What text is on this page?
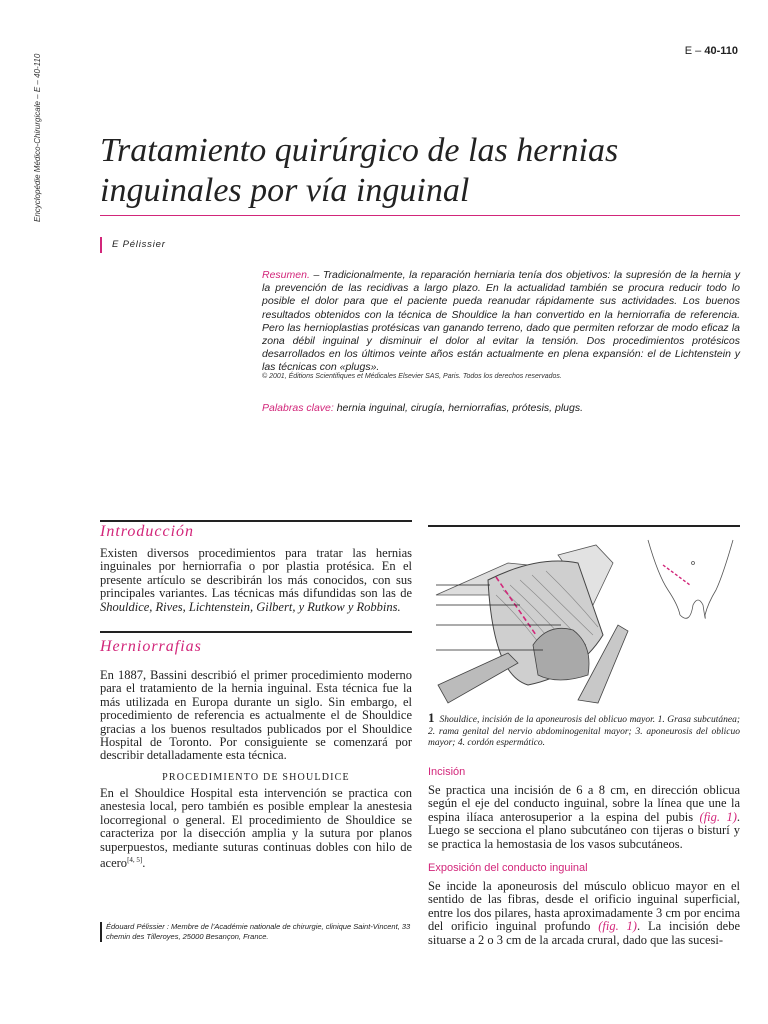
Encyclopédie Médico-Chirurgicale – E – 40-110
E – 40-110
Tratamiento quirúrgico de las hernias inguinales por vía inguinal
E Pélissier
Resumen. – Tradicionalmente, la reparación herniaria tenía dos objetivos: la supresión de la hernia y la prevención de las recidivas a largo plazo. En la actualidad también se procura reducir todo lo posible el dolor para que el paciente pueda reanudar rápidamente sus actividades. Los buenos resultados obtenidos con la técnica de Shouldice la han convertido en la herniorrafia de referencia. Pero las hernioplastias protésicas van ganando terreno, dado que permiten reforzar de modo eficaz la zona débil inguinal y disminuir el dolor al evitar la tensión. Dos procedimientos protésicos desarrollados en los últimos veinte años están actualmente en plena expansión: el de Lichtenstein y las técnicas con «plugs».
© 2001, Éditions Scientifiques et Médicales Elsevier SAS, Paris. Todos los derechos reservados.
Palabras clave: hernia inguinal, cirugía, herniorrafias, prótesis, plugs.
Introducción
Existen diversos procedimientos para tratar las hernias inguinales por herniorrafia o por plastia protésica. En el presente artículo se describirán los más conocidos, con sus principales variantes. Las técnicas más difundidas son las de Shouldice, Rives, Lichtenstein, Gilbert, y Rutkow y Robbins.
Herniorrafias
En 1887, Bassini describió el primer procedimiento moderno para el tratamiento de la hernia inguinal. Esta técnica fue la más utilizada en Europa durante un siglo. Sin embargo, el procedimiento de referencia es actualmente el de Shouldice gracias a los buenos resultados publicados por el Shouldice Hospital de Toronto. Por consiguiente se comenzará por describir detalladamente esta técnica.
PROCEDIMIENTO DE SHOULDICE
En el Shouldice Hospital esta intervención se practica con anestesia local, pero también es posible emplear la anestesia locorregional o general. El procedimiento de Shouldice se caracteriza por la disección amplia y la sutura por planos superpuestos, mediante suturas continuas dobles con hilo de acero[4, 5].
Édouard Pélissier : Membre de l’Académie nationale de chirurgie, clinique Saint-Vincent, 33 chemin des Tilleroyes, 25000 Besançon, France.
1 Shouldice, incisión de la aponeurosis del oblicuo mayor. 1. Grasa subcutánea; 2. rama genital del nervio abdominogenital mayor; 3. aponeurosis del oblicuo mayor; 4. cordón espermático.
Incisión
Se practica una incisión de 6 a 8 cm, en dirección oblicua según el eje del conducto inguinal, sobre la línea que une la espina ilíaca anterosuperior a la espina del pubis (fig. 1). Luego se secciona el plano subcutáneo con tijeras o bisturí y se practica la hemostasia de los vasos subcutáneos.
Exposición del conducto inguinal
Se incide la aponeurosis del músculo oblicuo mayor en el sentido de las fibras, desde el orificio inguinal superficial, entre los dos pilares, hasta aproximadamente 3 cm por encima del orificio inguinal profundo (fig. 1). La incisión debe situarse a 2 o 3 cm de la arcada crural, dado que las sucesi-
